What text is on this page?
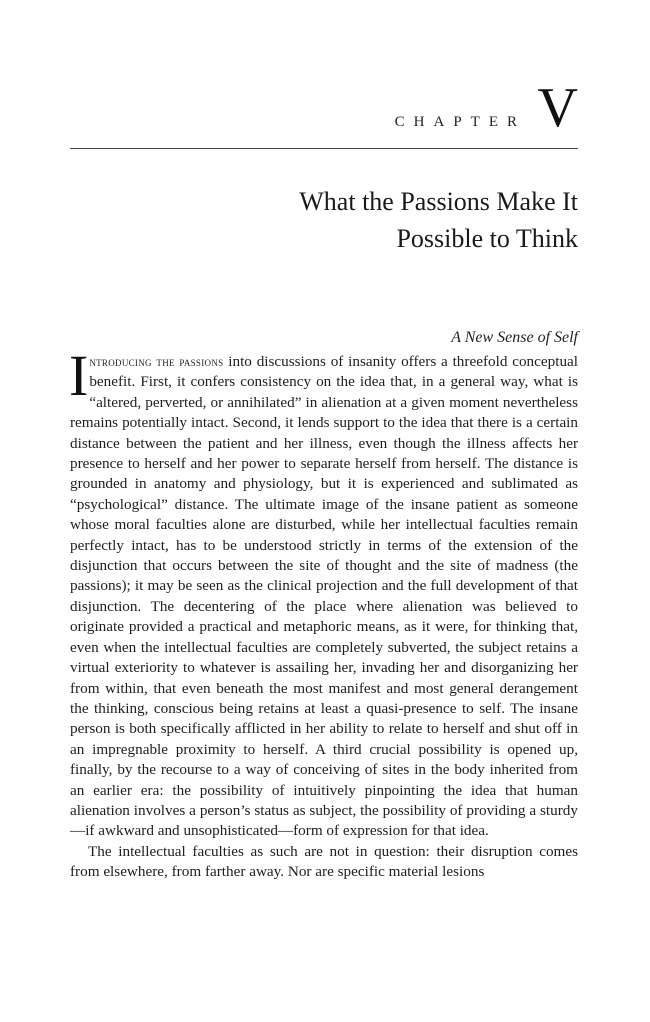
CHAPTER V
What the Passions Make It
Possible to Think

Introducing the passions into discussions of insanity offers a threefold conceptual benefit. First, it confers consistency on the idea that, in a general way, what is “altered, perverted, or annihilated” in alienation at a given moment nevertheless remains potentially intact. Second, it lends support to the idea that there is a certain distance between the patient and her illness, even though the illness affects her presence to herself and her power to separate herself from herself. The distance is grounded in anatomy and physiology, but it is experienced and sublimated as “psychological” distance. The ultimate image of the insane patient as someone whose moral faculties alone are disturbed, while her intellectual faculties remain perfectly intact, has to be understood strictly in terms of the extension of the disjunction that occurs between the site of thought and the site of madness (the passions); it may be seen as the clinical projection and the full development of that disjunction. The decentering of the place where alienation was believed to originate provided a practical and metaphoric means, as it were, for thinking that, even when the intellectual faculties are completely subverted, the subject retains a virtual exteriority to whatever is assailing her, invading her and disorganizing her from within, that even beneath the most manifest and most general derangement the thinking, conscious being retains at least a quasi-presence to self. The insane person is both specifically afflicted in her ability to relate to herself and shut off in an impregnable proximity to herself. A third crucial possibility is opened up, finally, by the recourse to a way of conceiving of sites in the body inherited from an earlier era: the possibility of intuitively pinpointing the idea that human alienation involves a person’s status as subject, the possibility of providing a sturdy—if awkward and unsophisticated—form of expression for that idea.

The intellectual faculties as such are not in question: their disruption comes from elsewhere, from farther away. Nor are specific material lesions

A New Sense of Self
